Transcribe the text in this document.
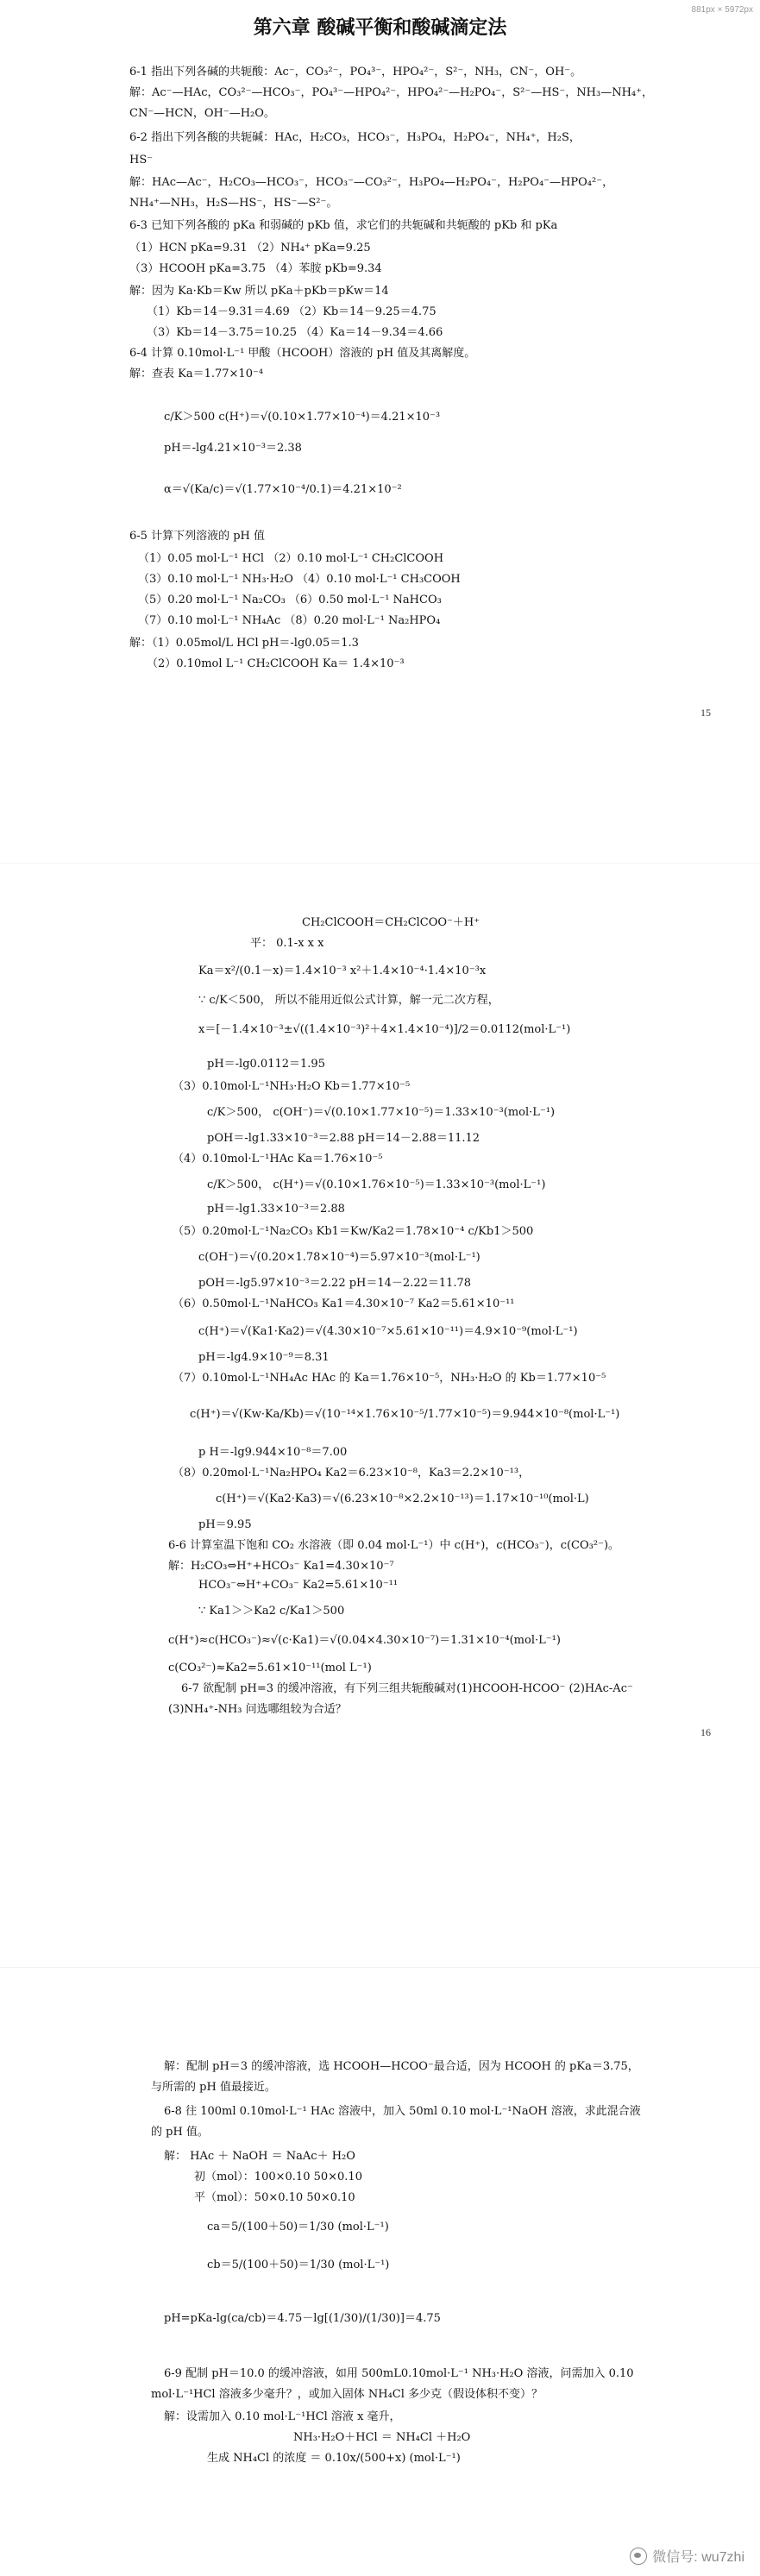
881px × 5972px
第六章 酸碱平衡和酸碱滴定法
6-1 指出下列各碱的共轭酸：Ac⁻，CO₃²⁻，PO₄³⁻，HPO₄²⁻，S²⁻，NH₃，CN⁻，OH⁻。
解：Ac⁻—HAc，CO₃²⁻—HCO₃⁻，PO₄³⁻—HPO₄²⁻，HPO₄²⁻—H₂PO₄⁻，S²⁻—HS⁻，NH₃—NH₄⁺，
CN⁻—HCN，OH⁻—H₂O。
6-2 指出下列各酸的共轭碱：HAc，H₂CO₃，HCO₃⁻，H₃PO₄，H₂PO₄⁻，NH₄⁺，H₂S，
HS⁻
解：HAc—Ac⁻，H₂CO₃—HCO₃⁻，HCO₃⁻—CO₃²⁻，H₃PO₄—H₂PO₄⁻，H₂PO₄⁻—HPO₄²⁻，
NH₄⁺—NH₃，H₂S—HS⁻，HS⁻—S²⁻。
6-3 已知下列各酸的 pKa 和弱碱的 pKb 值，求它们的共轭碱和共轭酸的 pKb 和 pKa
（1）HCN pKa=9.31 （2）NH₄⁺ pKa=9.25
（3）HCOOH pKa=3.75 （4）苯胺 pKb=9.34
解：因为 Ka·Kb＝Kw 所以 pKa＋pKb＝pKw＝14
（1）Kb＝14－9.31＝4.69 （2）Kb＝14－9.25＝4.75
（3）Kb＝14－3.75＝10.25 （4）Ka＝14－9.34＝4.66
6-4 计算 0.10mol·L⁻¹ 甲酸（HCOOH）溶液的 pH 值及其离解度。
解：查表 Ka＝1.77×10⁻⁴
c/K＞500 c(H⁺)＝√(0.10×1.77×10⁻⁴)＝4.21×10⁻³
pH＝-lg4.21×10⁻³＝2.38
α＝√(Ka/c)＝√(1.77×10⁻⁴/0.1)＝4.21×10⁻²
6-5 计算下列溶液的 pH 值
（1）0.05 mol·L⁻¹ HCl （2）0.10 mol·L⁻¹ CH₂ClCOOH
（3）0.10 mol·L⁻¹ NH₃·H₂O （4）0.10 mol·L⁻¹ CH₃COOH
（5）0.20 mol·L⁻¹ Na₂CO₃ （6）0.50 mol·L⁻¹ NaHCO₃
（7）0.10 mol·L⁻¹ NH₄Ac （8）0.20 mol·L⁻¹ Na₂HPO₄
解：（1）0.05mol/L HCl pH＝-lg0.05＝1.3
（2）0.10mol L⁻¹ CH₂ClCOOH Ka＝ 1.4×10⁻³
15
CH₂ClCOOH＝CH₂ClCOO⁻＋H⁺
平： 0.1-x x x
Ka＝x²/(0.1－x)＝1.4×10⁻³ x²＋1.4×10⁻⁴·1.4×10⁻³x
∵ c/K＜500， 所以不能用近似公式计算，解一元二次方程，
x＝[－1.4×10⁻³±√((1.4×10⁻³)²＋4×1.4×10⁻⁴)]/2＝0.0112(mol·L⁻¹)
pH＝-lg0.0112＝1.95
（3）0.10mol·L⁻¹NH₃·H₂O Kb＝1.77×10⁻⁵
c/K＞500， c(OH⁻)＝√(0.10×1.77×10⁻⁵)＝1.33×10⁻³(mol·L⁻¹)
pOH＝-lg1.33×10⁻³＝2.88 pH＝14－2.88＝11.12
（4）0.10mol·L⁻¹HAc Ka＝1.76×10⁻⁵
c/K＞500， c(H⁺)＝√(0.10×1.76×10⁻⁵)＝1.33×10⁻³(mol·L⁻¹)
pH＝-lg1.33×10⁻³＝2.88
（5）0.20mol·L⁻¹Na₂CO₃ Kb1＝Kw/Ka2＝1.78×10⁻⁴ c/Kb1＞500
c(OH⁻)＝√(0.20×1.78×10⁻⁴)＝5.97×10⁻³(mol·L⁻¹)
pOH＝-lg5.97×10⁻³＝2.22 pH＝14－2.22＝11.78
（6）0.50mol·L⁻¹NaHCO₃ Ka1＝4.30×10⁻⁷ Ka2＝5.61×10⁻¹¹
c(H⁺)＝√(Ka1·Ka2)＝√(4.30×10⁻⁷×5.61×10⁻¹¹)＝4.9×10⁻⁹(mol·L⁻¹)
pH＝-lg4.9×10⁻⁹＝8.31
（7）0.10mol·L⁻¹NH₄Ac HAc 的 Ka＝1.76×10⁻⁵，NH₃·H₂O 的 Kb＝1.77×10⁻⁵
c(H⁺)＝√(Kw·Ka/Kb)＝√(10⁻¹⁴×1.76×10⁻⁵/1.77×10⁻⁵)＝9.944×10⁻⁸(mol·L⁻¹)
p H＝-lg9.944×10⁻⁸＝7.00
（8）0.20mol·L⁻¹Na₂HPO₄ Ka2＝6.23×10⁻⁸，Ka3＝2.2×10⁻¹³，
c(H⁺)＝√(Ka2·Ka3)＝√(6.23×10⁻⁸×2.2×10⁻¹³)＝1.17×10⁻¹⁰(mol·L)
pH＝9.95
6-6 计算室温下饱和 CO₂ 水溶液（即 0.04 mol·L⁻¹）中 c(H⁺)，c(HCO₃⁻)，c(CO₃²⁻)。
解：H₂CO₃⇔H⁺+HCO₃⁻ Ka1=4.30×10⁻⁷
HCO₃⁻⇔H⁺+CO₃⁻ Ka2=5.61×10⁻¹¹
∵ Ka1＞＞Ka2 c/Ka1＞500
c(H⁺)≈c(HCO₃⁻)≈√(c·Ka1)＝√(0.04×4.30×10⁻⁷)＝1.31×10⁻⁴(mol·L⁻¹)
c(CO₃²⁻)≈Ka2=5.61×10⁻¹¹(mol L⁻¹)
6-7 欲配制 pH=3 的缓冲溶液，有下列三组共轭酸碱对(1)HCOOH-HCOO⁻ (2)HAc-Ac⁻
(3)NH₄⁺-NH₃ 问选哪组较为合适？
16
解：配制 pH＝3 的缓冲溶液，选 HCOOH—HCOO⁻最合适，因为 HCOOH 的 pKa＝3.75，
与所需的 pH 值最接近。
6-8 往 100ml 0.10mol·L⁻¹ HAc 溶液中，加入 50ml 0.10 mol·L⁻¹NaOH 溶液，求此混合液
的 pH 值。
解： HAc ＋ NaOH ＝ NaAc＋ H₂O
初（mol）：100×0.10 50×0.10
平（mol）：50×0.10 50×0.10
ca＝5/(100＋50)＝1/30 (mol·L⁻¹)
cb＝5/(100＋50)＝1/30 (mol·L⁻¹)
pH=pKa-lg(ca/cb)＝4.75－lg[(1/30)/(1/30)]＝4.75
6-9 配制 pH＝10.0 的缓冲溶液，如用 500mL0.10mol·L⁻¹ NH₃·H₂O 溶液，问需加入 0.10
mol·L⁻¹HCl 溶液多少毫升？，或加入固体 NH₄Cl 多少克（假设体积不变）？
解：设需加入 0.10 mol·L⁻¹HCl 溶液 x 毫升，
NH₃·H₂O＋HCl ＝ NH₄Cl ＋H₂O
生成 NH₄Cl 的浓度 ＝ 0.10x/(500+x) (mol·L⁻¹)
微信号: wu7zhi
